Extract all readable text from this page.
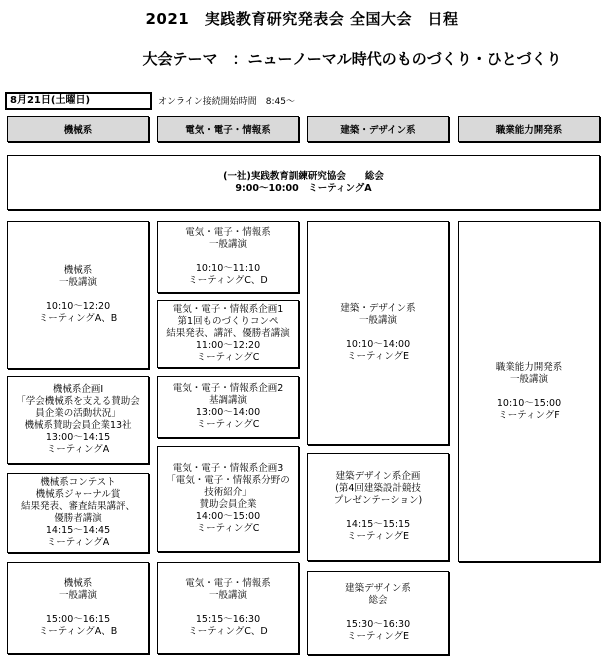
2021　実践教育研究発表会 全国大会　日程
大会テーマ　：ニューノーマル時代のものづくり・ひとづくり
8月21日(土曜日)	オンライン接続開始時間　8:45～
機械系	電気・電子・情報系	建築・デザイン系	職業能力開発系
(一社)実践教育訓練研究協会　　総会
9:00～10:00　ミーティングA
機械系
一般講演
10:10～12:20
ミーティングA、B
機械系企画Ⅰ
「学会機械系を支える賛助会
員企業の活動状況」
機械系賛助会員企業13社
13:00～14:15
ミーティングA
機械系コンテスト
機械系ジャーナル賞
結果発表、審査結果講評、
優勝者講演
14:15～14:45
ミーティングA
機械系
一般講演
15:00～16:15
ミーティングA、B
電気・電子・情報系
一般講演
10:10～11:10
ミーティングC、D
電気・電子・情報系企画1
第1回ものづくりコンペ
結果発表、講評、優勝者講演
11:00～12:20
ミーティングC
電気・電子・情報系企画2
基調講演
13:00～14:00
ミーティングC
電気・電子・情報系企画3
「電気・電子・情報系分野の
技術紹介」
賛助会員企業
14:00～15:00
ミーティングC
電気・電子・情報系
一般講演
15:15～16:30
ミーティングC、D
建築・デザイン系
一般講演
10:10～14:00
ミーティングE
建築デザイン系企画
(第4回建築設計競技
プレゼンテーション)
14:15～15:15
ミーティングE
建築デザイン系
総会
15:30～16:30
ミーティングE
職業能力開発系
一般講演
10:10～15:00
ミーティングF
